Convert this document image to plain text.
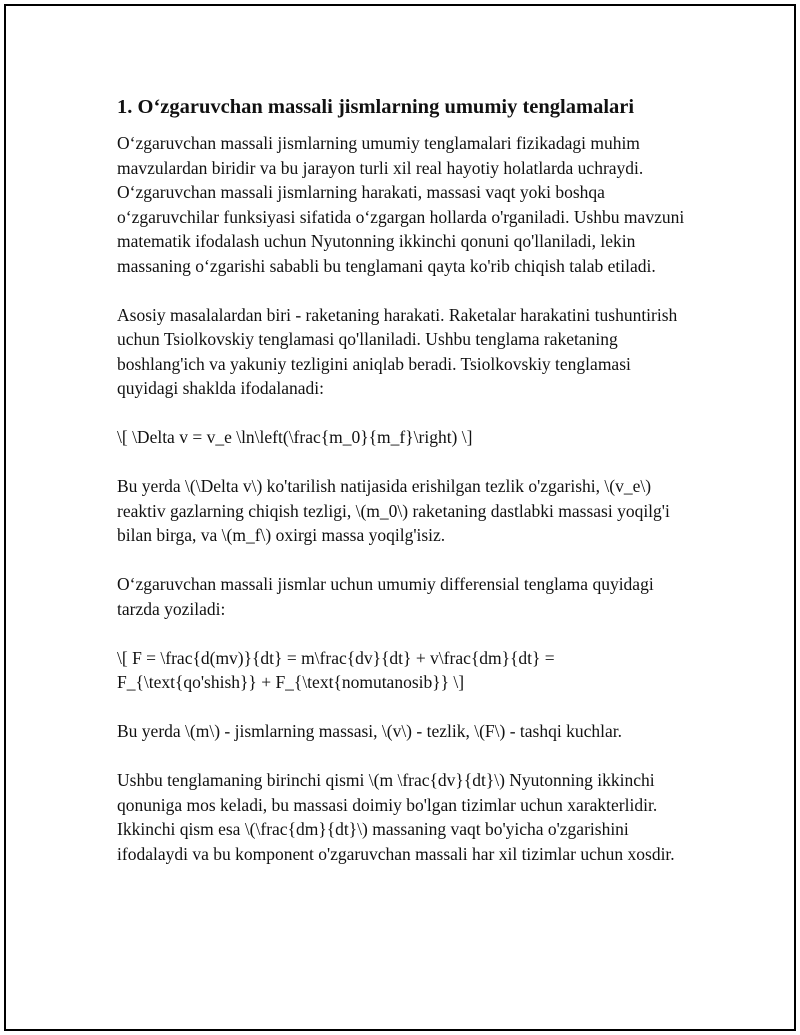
1. O‘zgaruvchan massali jismlarning umumiy tenglamalari

O‘zgaruvchan massali jismlarning umumiy tenglamalari fizikadagi muhim mavzulardan biridir va bu jarayon turli xil real hayotiy holatlarda uchraydi. O‘zgaruvchan massali jismlarning harakati, massasi vaqt yoki boshqa o‘zgaruvchilar funksiyasi sifatida o‘zgargan hollarda o'rganiladi. Ushbu mavzuni matematik ifodalash uchun Nyutonning ikkinchi qonuni qo'llaniladi, lekin massaning o‘zgarishi sababli bu tenglamani qayta ko'rib chiqish talab etiladi.

Asosiy masalalardan biri - raketaning harakati. Raketalar harakatini tushuntirish uchun Tsiolkovskiy tenglamasi qo'llaniladi. Ushbu tenglama raketaning boshlang'ich va yakuniy tezligini aniqlab beradi. Tsiolkovskiy tenglamasi quyidagi shaklda ifodalanadi:

\[ \Delta v = v_e \ln\left(\frac{m_0}{m_f}\right) \]

Bu yerda \(\Delta v\) ko'tarilish natijasida erishilgan tezlik o'zgarishi, \(v_e\) reaktiv gazlarning chiqish tezligi, \(m_0\) raketaning dastlabki massasi yoqilg'i bilan birga, va \(m_f\) oxirgi massa yoqilg'isiz.

O‘zgaruvchan massali jismlar uchun umumiy differensial tenglama quyidagi tarzda yoziladi:

\[ F = \frac{d(mv)}{dt} = m\frac{dv}{dt} + v\frac{dm}{dt} = F_{\text{qo'shish}} + F_{\text{nomutanosib}} \]

Bu yerda \(m\) - jismlarning massasi, \(v\) - tezlik, \(F\) - tashqi kuchlar.

Ushbu tenglamaning birinchi qismi \(m \frac{dv}{dt}\) Nyutonning ikkinchi qonuniga mos keladi, bu massasi doimiy bo'lgan tizimlar uchun xarakterlidir. Ikkinchi qism esa \(\frac{dm}{dt}\) massaning vaqt bo'yicha o'zgarishini ifodalaydi va bu komponent o'zgaruvchan massali har xil tizimlar uchun xosdir.
